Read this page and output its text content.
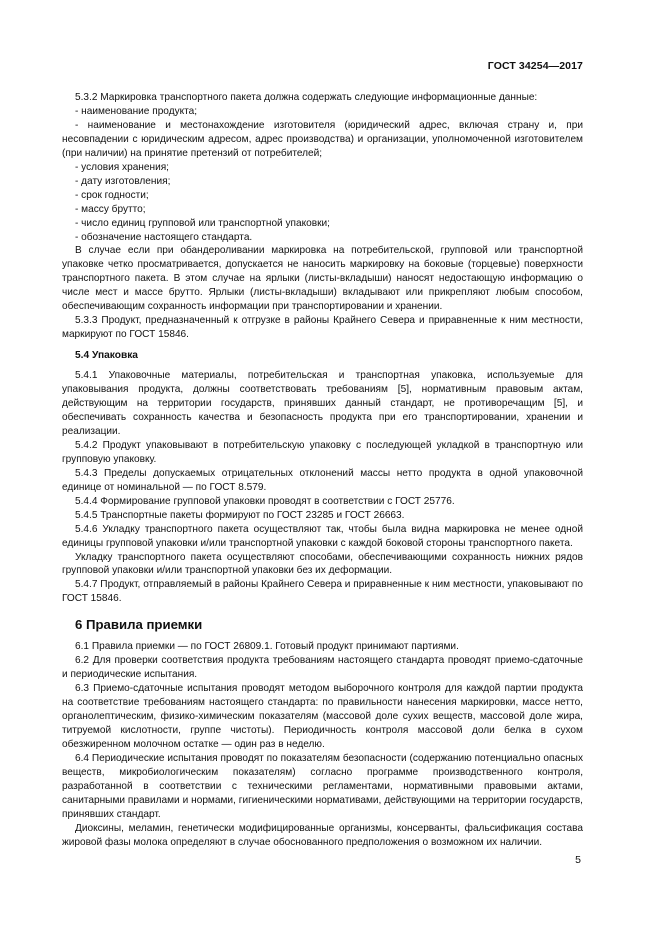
ГОСТ 34254—2017

5.3.2 Маркировка транспортного пакета должна содержать следующие информационные данные:

- наименование продукта;

- наименование и местонахождение изготовителя (юридический адрес, включая страну и, при несовпадении с юридическим адресом, адрес производства) и организации, уполномоченной изготовителем (при наличии) на принятие претензий от потребителей;

- условия хранения;

- дату изготовления;

- срок годности;

- массу брутто;

- число единиц групповой или транспортной упаковки;

- обозначение настоящего стандарта.

В случае если при обандероливании маркировка на потребительской, групповой или транспортной упаковке четко просматривается, допускается не наносить маркировку на боковые (торцевые) поверхности транспортного пакета. В этом случае на ярлыки (листы-вкладыши) наносят недостающую информацию о числе мест и массе брутто. Ярлыки (листы-вкладыши) вкладывают или прикрепляют любым способом, обеспечивающим сохранность информации при транспортировании и хранении.

5.3.3 Продукт, предназначенный к отгрузке в районы Крайнего Севера и приравненные к ним местности, маркируют по ГОСТ 15846.

5.4 Упаковка

5.4.1 Упаковочные материалы, потребительская и транспортная упаковка, используемые для упаковывания продукта, должны соответствовать требованиям [5], нормативным правовым актам, действующим на территории государств, принявших данный стандарт, не противоречащим [5], и обеспечивать сохранность качества и безопасность продукта при его транспортировании, хранении и реализации.

5.4.2 Продукт упаковывают в потребительскую упаковку с последующей укладкой в транспортную или групповую упаковку.

5.4.3 Пределы допускаемых отрицательных отклонений массы нетто продукта в одной упаковочной единице от номинальной — по ГОСТ 8.579.

5.4.4 Формирование групповой упаковки проводят в соответствии с ГОСТ 25776.

5.4.5 Транспортные пакеты формируют по ГОСТ 23285 и ГОСТ 26663.

5.4.6 Укладку транспортного пакета осуществляют так, чтобы была видна маркировка не менее одной единицы групповой упаковки и/или транспортной упаковки с каждой боковой стороны транспортного пакета.

Укладку транспортного пакета осуществляют способами, обеспечивающими сохранность нижних рядов групповой упаковки и/или транспортной упаковки без их деформации.

5.4.7 Продукт, отправляемый в районы Крайнего Севера и приравненные к ним местности, упаковывают по ГОСТ 15846.

6 Правила приемки

6.1 Правила приемки — по ГОСТ 26809.1. Готовый продукт принимают партиями.

6.2 Для проверки соответствия продукта требованиям настоящего стандарта проводят приемо-сдаточные и периодические испытания.

6.3 Приемо-сдаточные испытания проводят методом выборочного контроля для каждой партии продукта на соответствие требованиям настоящего стандарта: по правильности нанесения маркировки, массе нетто, органолептическим, физико-химическим показателям (массовой доле сухих веществ, массовой доле жира, титруемой кислотности, группе чистоты). Периодичность контроля массовой доли белка в сухом обезжиренном молочном остатке — один раз в неделю.

6.4 Периодические испытания проводят по показателям безопасности (содержанию потенциально опасных веществ, микробиологическим показателям) согласно программе производственного контроля, разработанной в соответствии с техническими регламентами, нормативными правовыми актами, санитарными правилами и нормами, гигиеническими нормативами, действующими на территории государств, принявших стандарт.

Диоксины, меламин, генетически модифицированные организмы, консерванты, фальсификация состава жировой фазы молока определяют в случае обоснованного предположения о возможном их наличии.

5
